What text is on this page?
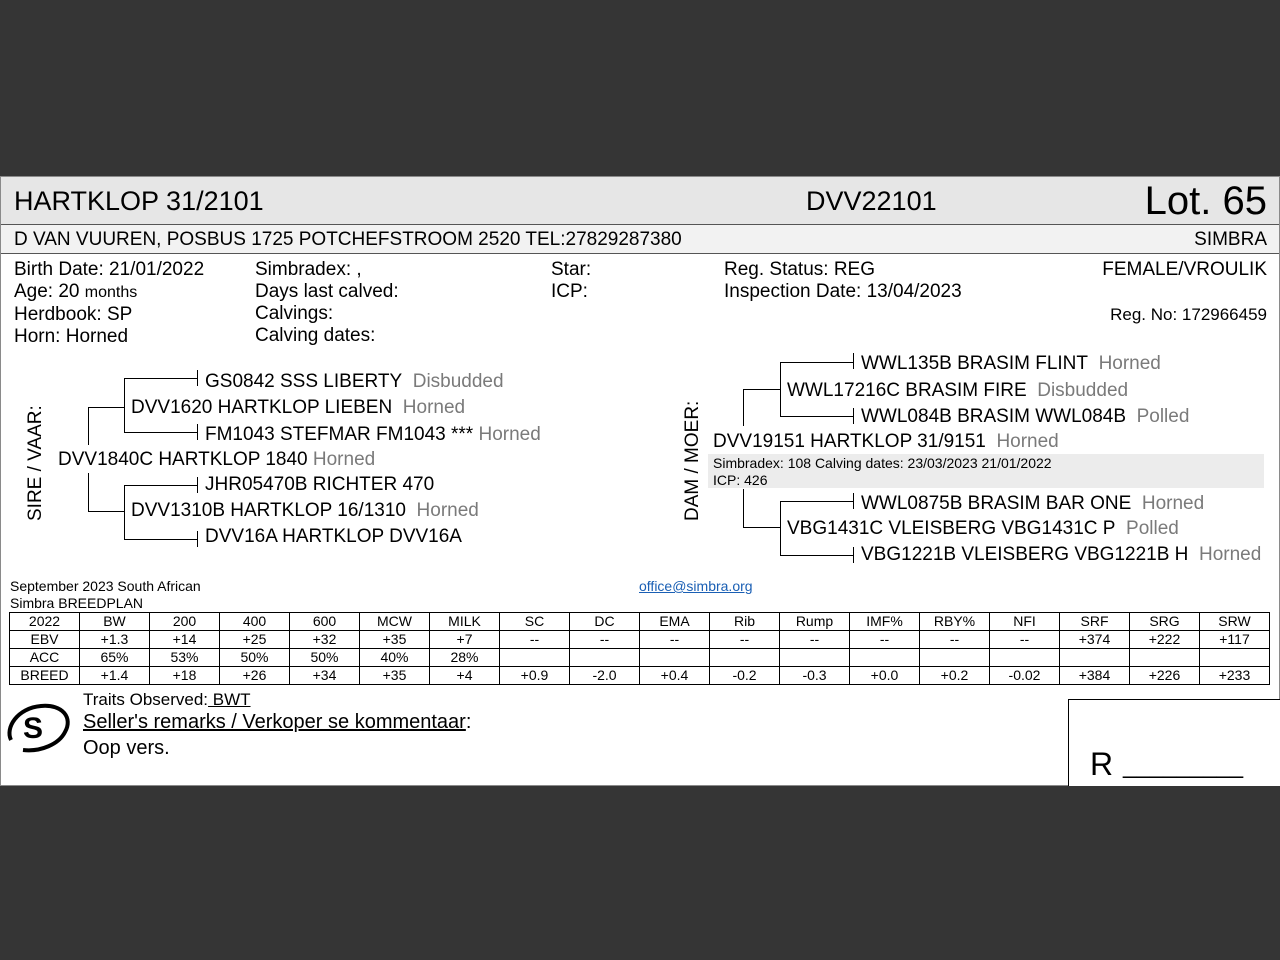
HARTKLOP 31/2101	DVV22101	Lot. 65
D VAN VUUREN, POSBUS 1725 POTCHEFSTROOM 2520 TEL:27829287380	SIMBRA
Birth Date: 21/01/2022
Age: 20 months
Herdbook: SP
Horn: Horned
Simbradex: ,
Days last calved:
Calvings:
Calving dates:
Star:
ICP:
Reg. Status: REG
Inspection Date: 13/04/2023
FEMALE/VROULIK
Reg. No: 172966459
SIRE / VAAR:
GS0842 SSS LIBERTY Disbudded
DVV1620 HARTKLOP LIEBEN Horned
FM1043 STEFMAR FM1043 *** Horned
DVV1840C HARTKLOP 1840 Horned
JHR05470B RICHTER 470
DVV1310B HARTKLOP 16/1310 Horned
DVV16A HARTKLOP DVV16A
DAM / MOER:
WWL135B BRASIM FLINT Horned
WWL17216C BRASIM FIRE Disbudded
WWL084B BRASIM WWL084B Polled
DVV19151 HARTKLOP 31/9151 Horned
Simbradex: 108 Calving dates: 23/03/2023 21/01/2022
ICP: 426
WWL0875B BRASIM BAR ONE Horned
VBG1431C VLEISBERG VBG1431C P Polled
VBG1221B VLEISBERG VBG1221B H Horned
September 2023 South African
Simbra BREEDPLAN
office@simbra.org
2022	BW	200	400	600	MCW	MILK	SC	DC	EMA	Rib	Rump	IMF%	RBY%	NFI	SRF	SRG	SRW
EBV	+1.3	+14	+25	+32	+35	+7	--	--	--	--	--	--	--	--	+374	+222	+117
ACC	65%	53%	50%	50%	40%	28%											
BREED	+1.4	+18	+26	+34	+35	+4	+0.9	-2.0	+0.4	-0.2	-0.3	+0.0	+0.2	-0.02	+384	+226	+233
S
Traits Observed: BWT
Seller's remarks / Verkoper se kommentaar:
Oop vers.	R _________
